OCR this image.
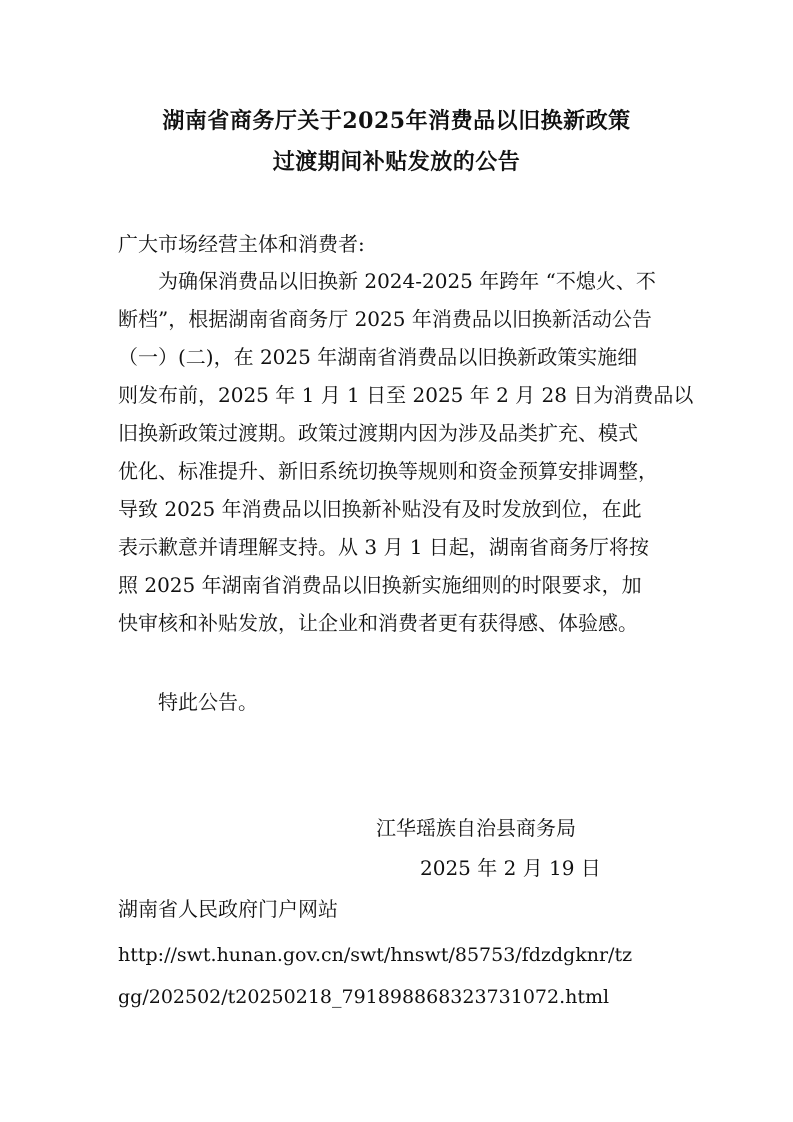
湖南省商务厅关于2025年消费品以旧换新政策
过渡期间补贴发放的公告
广大市场经营主体和消费者:
　　为确保消费品以旧换新 2024-2025 年跨年 “不熄火、不
断档”，根据湖南省商务厅 2025 年消费品以旧换新活动公告
（一）(二)，在 2025 年湖南省消费品以旧换新政策实施细
则发布前，2025 年 1 月 1 日至 2025 年 2 月 28 日为消费品以
旧换新政策过渡期。政策过渡期内因为涉及品类扩充、模式
优化、标准提升、新旧系统切换等规则和资金预算安排调整，
导致 2025 年消费品以旧换新补贴没有及时发放到位，在此
表示歉意并请理解支持。从 3 月 1 日起，湖南省商务厅将按
照 2025 年湖南省消费品以旧换新实施细则的时限要求，加
快审核和补贴发放，让企业和消费者更有获得感、体验感。
特此公告。
江华瑶族自治县商务局
2025 年 2 月 19 日
湖南省人民政府门户网站
http://swt.hunan.gov.cn/swt/hnswt/85753/fdzdgknr/tz
gg/202502/t20250218_791898868323731072.html
